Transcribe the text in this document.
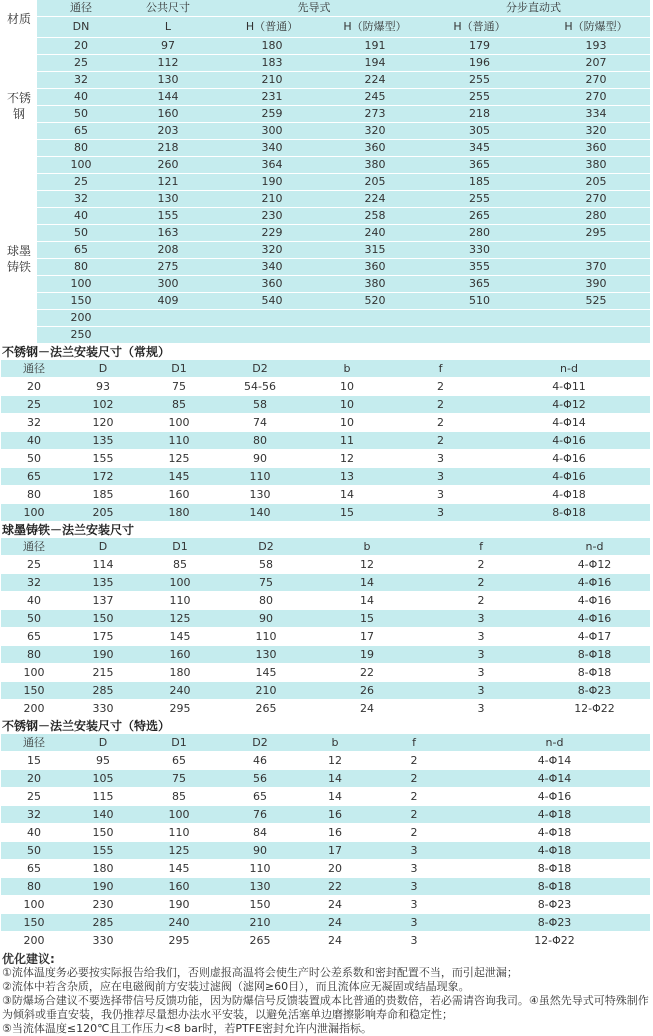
材质	通径	公共尺寸	先导式		分步直动式	
	DN	L	H（普通）	H（防爆型）	H（普通）	H（防爆型）
不锈钢	20	97	180	191	179	193
	25	112	183	194	196	207
	32	130	210	224	255	270
	40	144	231	245	255	270
	50	160	259	273	218	334
	65	203	300	320	305	320
	80	218	340	360	345	360
	100	260	364	380	365	380
球墨铸铁	25	121	190	205	185	205
	32	130	210	224	255	270
	40	155	230	258	265	280
	50	163	229	240	280	295
	65	208	320	315	330	
	80	275	340	360	355	370
	100	300	360	380	365	390
	150	409	540	520	510	525
	200					
	250					
不锈钢－法兰安装尺寸（常规）
通径	D	D1	D2	b	f	n-d
20	93	75	54-56	10	2	4-Φ11
25	102	85	58	10	2	4-Φ12
32	120	100	74	10	2	4-Φ14
40	135	110	80	11	2	4-Φ16
50	155	125	90	12	3	4-Φ16
65	172	145	110	13	3	4-Φ16
80	185	160	130	14	3	4-Φ18
100	205	180	140	15	3	8-Φ18
球墨铸铁－法兰安装尺寸
通径	D	D1	D2	b	f	n-d
25	114	85	58	12	2	4-Φ12
32	135	100	75	14	2	4-Φ16
40	137	110	80	14	2	4-Φ16
50	150	125	90	15	3	4-Φ16
65	175	145	110	17	3	4-Φ17
80	190	160	130	19	3	8-Φ18
100	215	180	145	22	3	8-Φ18
150	285	240	210	26	3	8-Φ23
200	330	295	265	24	3	12-Φ22
不锈钢－法兰安装尺寸（特选）
通径	D	D1	D2	b	f	n-d
15	95	65	46	12	2	4-Φ14
20	105	75	56	14	2	4-Φ14
25	115	85	65	14	2	4-Φ16
32	140	100	76	16	2	4-Φ18
40	150	110	84	16	2	4-Φ18
50	155	125	90	17	3	4-Φ18
65	180	145	110	20	3	8-Φ18
80	190	160	130	22	3	8-Φ18
100	230	190	150	24	3	8-Φ23
150	285	240	210	24	3	8-Φ23
200	330	295	265	24	3	12-Φ22
优化建议:
①流体温度务必要按实际报告给我们，否则虚报高温将会使生产时公差系数和密封配置不当，而引起泄漏；
②流体中若含杂质，应在电磁阀前方安装过滤阀（滤网≥60目），而且流体应无凝固或结晶现象。
③防爆场合建议不要选择带信号反馈功能，因为防爆信号反馈装置成本比普通的贵数倍，若必需请咨询我司。④虽然先导式可特殊制作为倾斜或垂直安装，我仍推荐尽量想办法水平安装，以避免活塞单边磨擦影响寿命和稳定性；
⑤当流体温度≤120℃且工作压力<8 bar时，若PTFE密封允许内泄漏指标。
